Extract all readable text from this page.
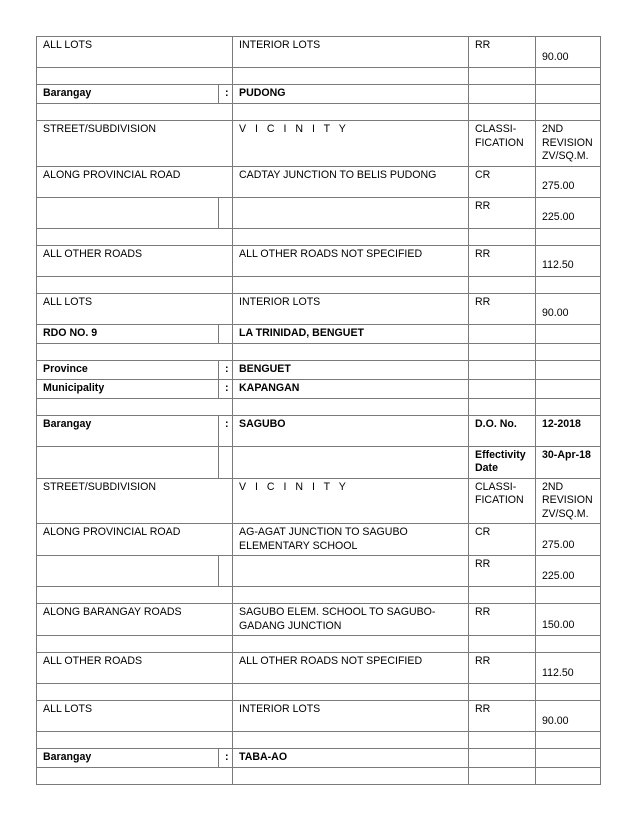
ALL LOTS		INTERIOR LOTS	RR	90.00

Barangay	:	PUDONG		

STREET/SUBDIVISION		V I C I N I T Y	CLASSI-FICATION	2ND REVISION ZV/SQ.M.
ALONG PROVINCIAL ROAD		CADTAY JUNCTION TO BELIS PUDONG	CR	275.00
			RR	225.00

ALL OTHER ROADS		ALL OTHER ROADS NOT SPECIFIED	RR	112.50

ALL LOTS		INTERIOR LOTS	RR	90.00
RDO NO. 9		LA TRINIDAD, BENGUET		

Province	:	BENGUET		
Municipality	:	KAPANGAN		

Barangay	:	SAGUBO	D.O. No.	12-2018
			Effectivity Date	30-Apr-18
STREET/SUBDIVISION		V I C I N I T Y	CLASSI-FICATION	2ND REVISION ZV/SQ.M.
ALONG PROVINCIAL ROAD		AG-AGAT JUNCTION TO SAGUBO ELEMENTARY SCHOOL	CR	275.00
			RR	225.00

ALONG BARANGAY ROADS		SAGUBO ELEM. SCHOOL TO SAGUBO-GADANG JUNCTION	RR	150.00

ALL OTHER ROADS		ALL OTHER ROADS NOT SPECIFIED	RR	112.50

ALL LOTS		INTERIOR LOTS	RR	90.00

Barangay	:	TABA-AO		
